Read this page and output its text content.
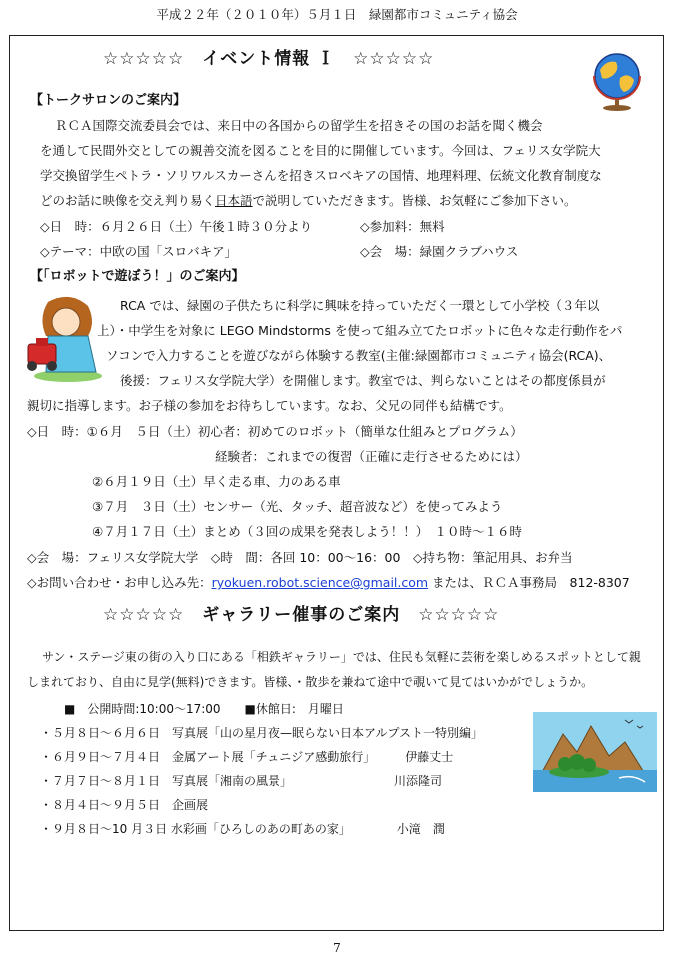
平成２２年（２０１０年）５月１日　緑園都市コミュニティ協会
☆☆☆☆☆　イベント情報 Ｉ　☆☆☆☆☆
【トークサロンのご案内】
ＲＣＡ国際交流委員会では、来日中の各国からの留学生を招きその国のお話を聞く機会
を通して民間外交としての親善交流を図ることを目的に開催しています。今回は、フェリス女学院大
学交換留学生ペトラ・ソリワルスカーさんを招きスロベキアの国情、地理料理、伝統文化教育制度な
どのお話に映像を交え判り易く日本語で説明していただきます。皆様、お気軽にご参加下さい。
◇日　時：６月２６日（土）午後１時３０分より	◇参加料：無料
◇テーマ：中欧の国「スロバキア」	◇会　場：緑園クラブハウス
【「ロボットで遊ぼう！」のご案内】
RCA では、緑園の子供たちに科学に興味を持っていただく一環として小学校（３年以
上）・中学生を対象に LEGO Mindstorms を使って組み立てたロボットに色々な走行動作をパ
ソコンで入力することを遊びながら体験する教室(主催:緑園都市コミュニティ協会(RCA)、
後援：フェリス女学院大学）を開催します。教室では、判らないことはその都度係員が
親切に指導します。お子様の参加をお待ちしています。なお、父兄の同伴も結構です。
◇日　時：①６月　５日（土）初心者：初めてのロボット（簡単な仕組みとプログラム）
経験者：これまでの復習（正確に走行させるためには）
②６月１９日（土）早く走る車、力のある車
③７月　３日（土）センサー（光、タッチ、超音波など）を使ってみよう
④７月１７日（土）まとめ（３回の成果を発表しよう！！）　１０時～１６時
◇会　場：フェリス女学院大学　◇時　間：各回 10：00～16：00　◇持ち物：筆記用具、お弁当
◇お問い合わせ・お申し込み先：ryokuen.robot.science@gmail.com または、ＲＣＡ事務局　812-8307
☆☆☆☆☆　ギャラリー催事のご案内　☆☆☆☆☆
サン・ステージ東の街の入り口にある「相鉄ギャラリー」では、住民も気軽に芸術を楽しめるスポットとして親
しまれており、自由に見学(無料)できます。皆様、・散歩を兼ねて途中で覗いて見てはいかがでしょうか。
■　公開時間:10:00～17:00　　■休館日:　月曜日
・５月８日～６月６日　写真展「山の星月夜—眠らない日本アルプスト一特別編」
・６月９日～７月４日　金属アート展「チュニジア感動旅行」　　　伊藤丈士
・７月７日～８月１日　写真展「湘南の風景」　　　　　　　　　川添隆司
・８月４日～９月５日　企画展
・９月８日～10 月３日 水彩画「ひろしのあの町あの家」　　　　 小滝　潤
7
